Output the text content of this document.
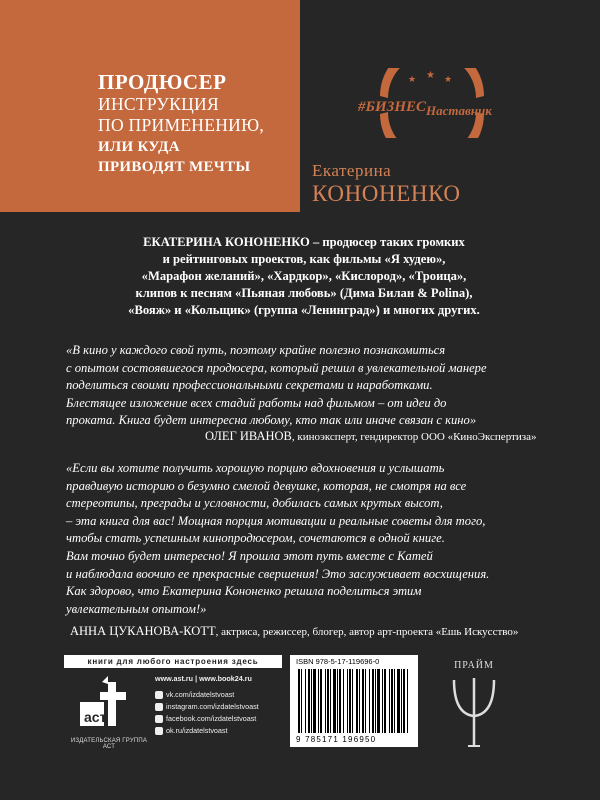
ПРОДЮСЕР
ИНСТРУКЦИЯ
ПО ПРИМЕНЕНИЮ,
ИЛИ КУДА
ПРИВОДЯТ МЕЧТЫ
★ ★ ★
#БИЗНЕС Наставник
Екатерина
КОНОНЕНКО
ЕКАТЕРИНА КОНОНЕНКО – продюсер таких громких
и рейтинговых проектов, как фильмы «Я худею»,
«Марафон желаний», «Хардкор», «Кислород», «Троица»,
клипов к песням «Пьяная любовь» (Дима Билан & Polina),
«Вояж» и «Кольщик» (группа «Ленинград») и многих других.
«В кино у каждого свой путь, поэтому крайне полезно познакомиться
с опытом состоявшегося продюсера, который решил в увлекательной манере
поделиться своими профессиональными секретами и наработками.
Блестящее изложение всех стадий работы над фильмом – от идеи до
проката. Книга будет интересна любому, кто так или иначе связан с кино»
ОЛЕГ ИВАНОВ, киноэксперт, гендиректор ООО «КиноЭкспертиза»
«Если вы хотите получить хорошую порцию вдохновения и услышать
правдивую историю о безумно смелой девушке, которая, не смотря на все
стереотипы, преграды и условности, добилась самых крутых высот,
– эта книга для вас! Мощная порция мотивации и реальные советы для того,
чтобы стать успешным кинопродюсером, сочетаются в одной книге.
Вам точно будет интересно! Я прошла этот путь вместе с Катей
и наблюдала воочию ее прекрасные свершения! Это заслуживает восхищения.
Как здорово, что Екатерина Кононенко решила поделиться этим
увлекательным опытом!»
АННА ЦУКАНОВА-КОТТ, актриса, режиссер, блогер, автор арт-проекта «Ешь Искусство»
книги для любого настроения здесь
аст
ИЗДАТЕЛЬСКАЯ ГРУППА АСТ
www.ast.ru | www.book24.ru
vk.com/izdatelstvoast
instagram.com/izdatelstvoast
facebook.com/izdatelstvoast
ok.ru/izdatelstvoast
ISBN 978-5-17-119696-0
9 785171 196950
ПРАЙМ
